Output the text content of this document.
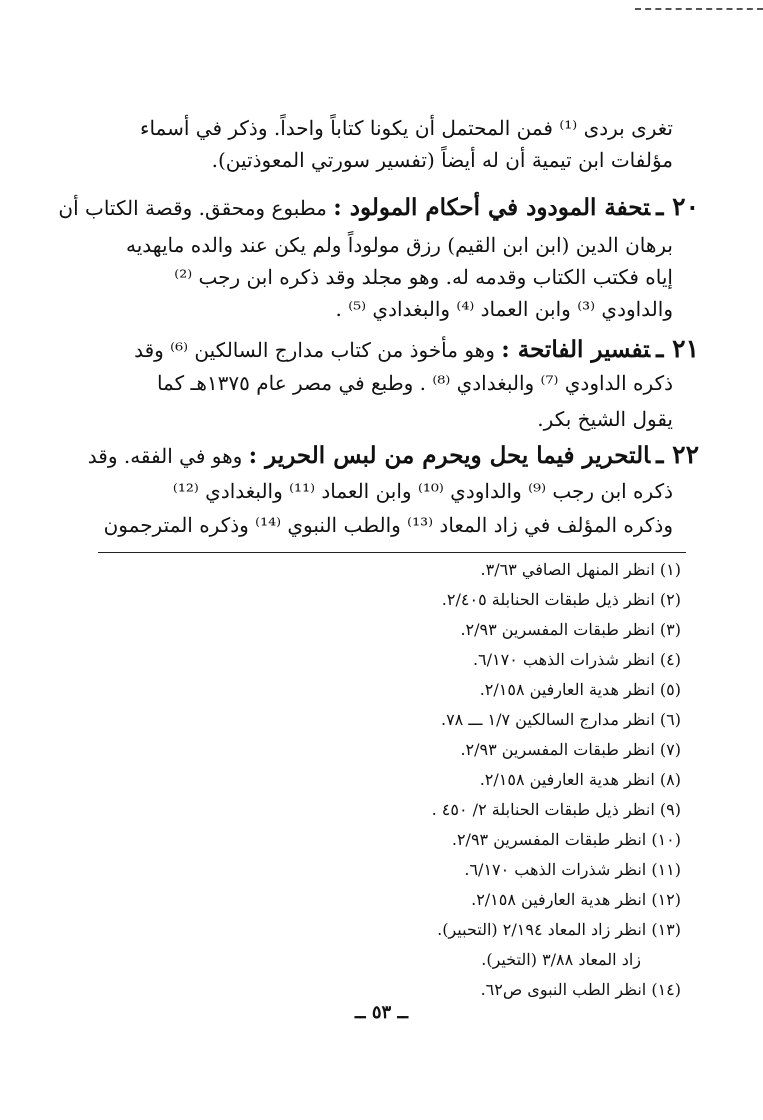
تغرى بردى ⁽¹⁾ فمن المحتمل أن يكونا كتاباً واحداً. وذكر في أسماء
مؤلفات ابن تيمية أن له أيضاً (تفسير سورتي المعوذتين).
٢٠ ـتحفة المودود في أحكام المولود : مطبوع ومحقق. وقصة الكتاب أن
برهان الدين (ابن ابن القيم) رزق مولوداً ولم يكن عند والده مايهديه
إياه فكتب الكتاب وقدمه له. وهو مجلد وقد ذكره ابن رجب ⁽²⁾
والداودي ⁽³⁾ وابن العماد ⁽⁴⁾ والبغدادي ⁽⁵⁾ .
٢١ ـتفسير الفاتحة : وهو مأخوذ من كتاب مدارج السالكين ⁽⁶⁾ وقد
ذكره الداودي ⁽⁷⁾ والبغدادي ⁽⁸⁾ . وطبع في مصر عام ١٣٧٥هـ كما
يقول الشيخ بكر.
٢٢ ـالتحرير فيما يحل ويحرم من لبس الحرير : وهو في الفقه. وقد
ذكره ابن رجب ⁽⁹⁾ والداودي ⁽¹⁰⁾ وابن العماد ⁽¹¹⁾ والبغدادي ⁽¹²⁾
وذكره المؤلف في زاد المعاد ⁽¹³⁾ والطب النبوي ⁽¹⁴⁾ وذكره المترجمون
(١) انظر المنهل الصافي ٣/٦٣.
(٢) انظر ذيل طبقات الحنابلة ٢/٤٠٥.
(٣) انظر طبقات المفسرين ٢/٩٣.
(٤) انظر شذرات الذهب ٦/١٧٠.
(٥) انظر هدية العارفين ٢/١٥٨.
(٦) انظر مدارج السالكين ١/٧ ـــ ٧٨.
(٧) انظر طبقات المفسرين ٢/٩٣.
(٨) انظر هدية العارفين ٢/١٥٨.
(٩) انظر ذيل طبقات الحنابلة ٢/ ٤٥٠ .
(١٠) انظر طبقات المفسرين ٢/٩٣.
(١١) انظر شذرات الذهب ٦/١٧٠.
(١٢) انظر هدية العارفين ٢/١٥٨.
(١٣) انظر زاد المعاد ٢/١٩٤ (التحبير).
زاد المعاد ٣/٨٨ (التخير).
(١٤) انظر الطب النبوى ص٦٢.
ــ ٥٣ ــ
